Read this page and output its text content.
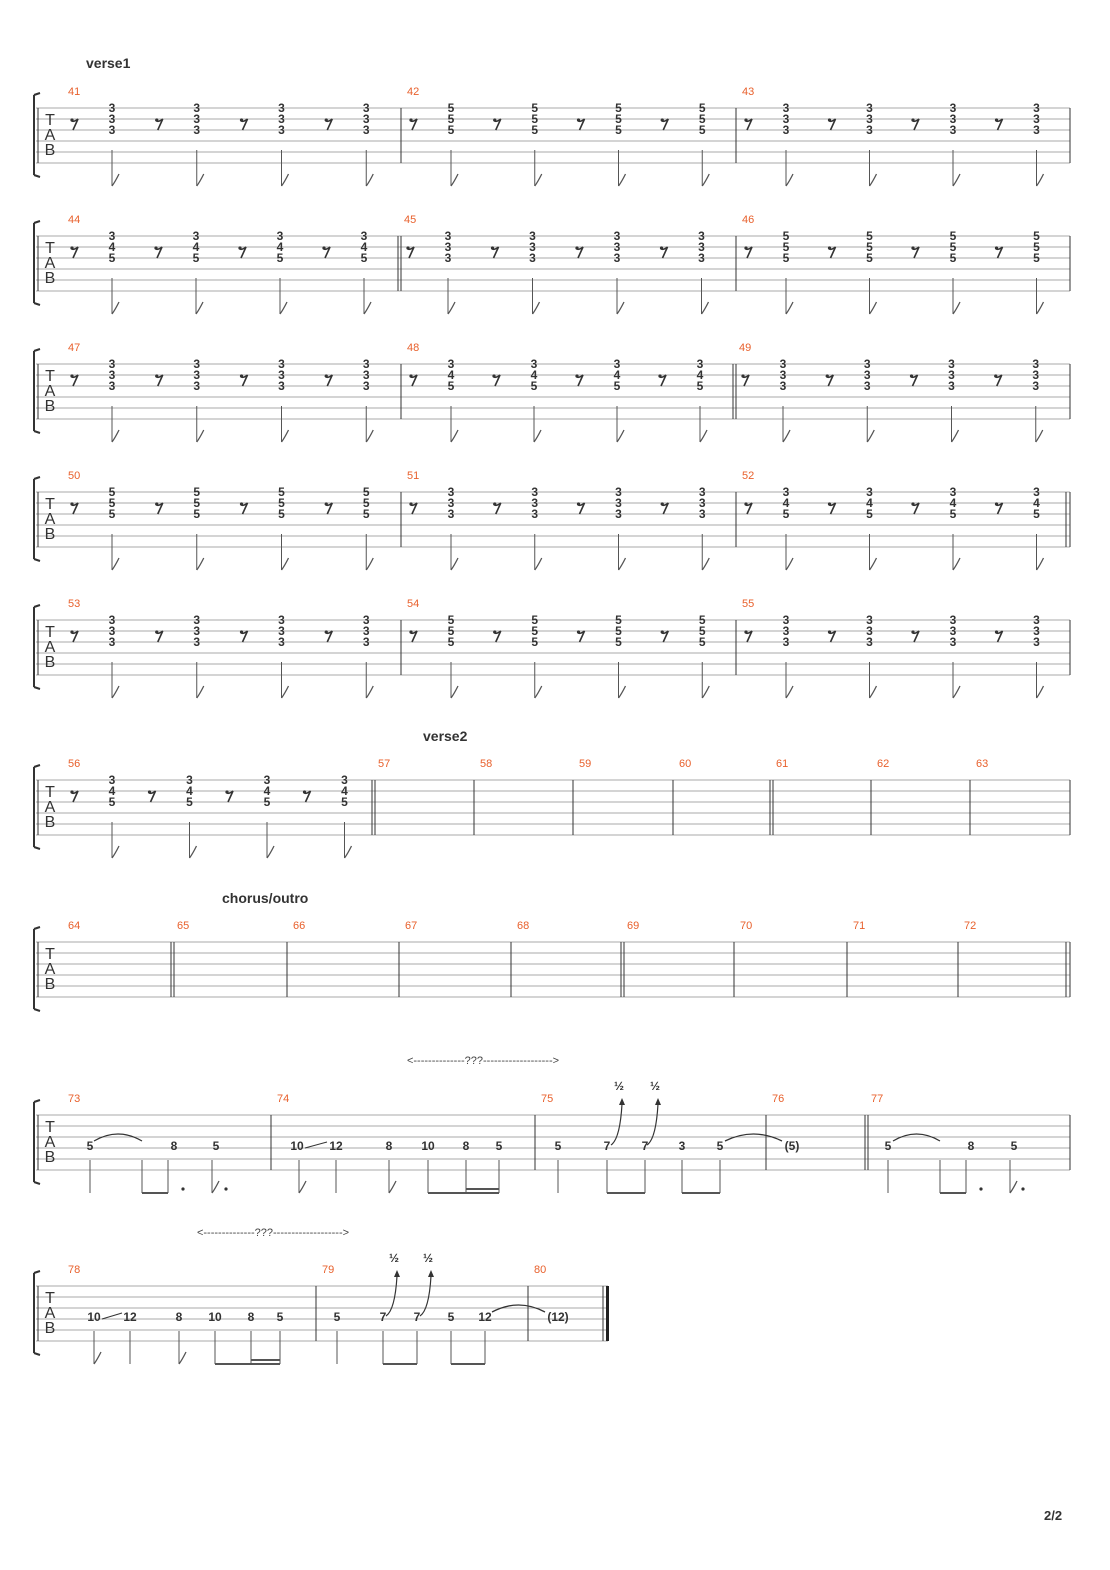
verse1
verse2
chorus/outro
T
A
B
41	42	43
3
3
3
3
3
3
3
3
3
3
3
3
5
5
5
5
5
5
5
5
5
5
5
5
3
3
3
3
3
3
3
3
3
3
3
3
T
A
B
44	45	46
3
4
5
3
4
5
3
4
5
3
4
5
3
3
3
3
3
3
3
3
3
3
3
3
5
5
5
5
5
5
5
5
5
5
5
5
T
A
B
47	48	49
3
3
3
3
3
3
3
3
3
3
3
3
3
4
5
3
4
5
3
4
5
3
4
5
3
3
3
3
3
3
3
3
3
3
3
3
T
A
B
50	51	52
5
5
5
5
5
5
5
5
5
5
5
5
3
3
3
3
3
3
3
3
3
3
3
3
3
4
5
3
4
5
3
4
5
3
4
5
T
A
B
53	54	55
3
3
3
3
3
3
3
3
3
3
3
3
5
5
5
5
5
5
5
5
5
5
5
5
3
3
3
3
3
3
3
3
3
3
3
3
T
A
B
56	57	58	59	60	61	62	63
3
4
5
3
4
5
3
4
5
3
4
5
T
A
B
64	65	66	67	68	69	70	71	72
T
A
B
73	74	75	76	77
T
A
B
78	79	80
5	8	5	10 12	8 10 8 5
<--------------???------------------->
5	7	7	3	5
½ ½
(5)	5	8	5
10 12	8 10 8 5
<--------------???------------------->
5	7 7 5 12
½ ½
(12)
2/2
